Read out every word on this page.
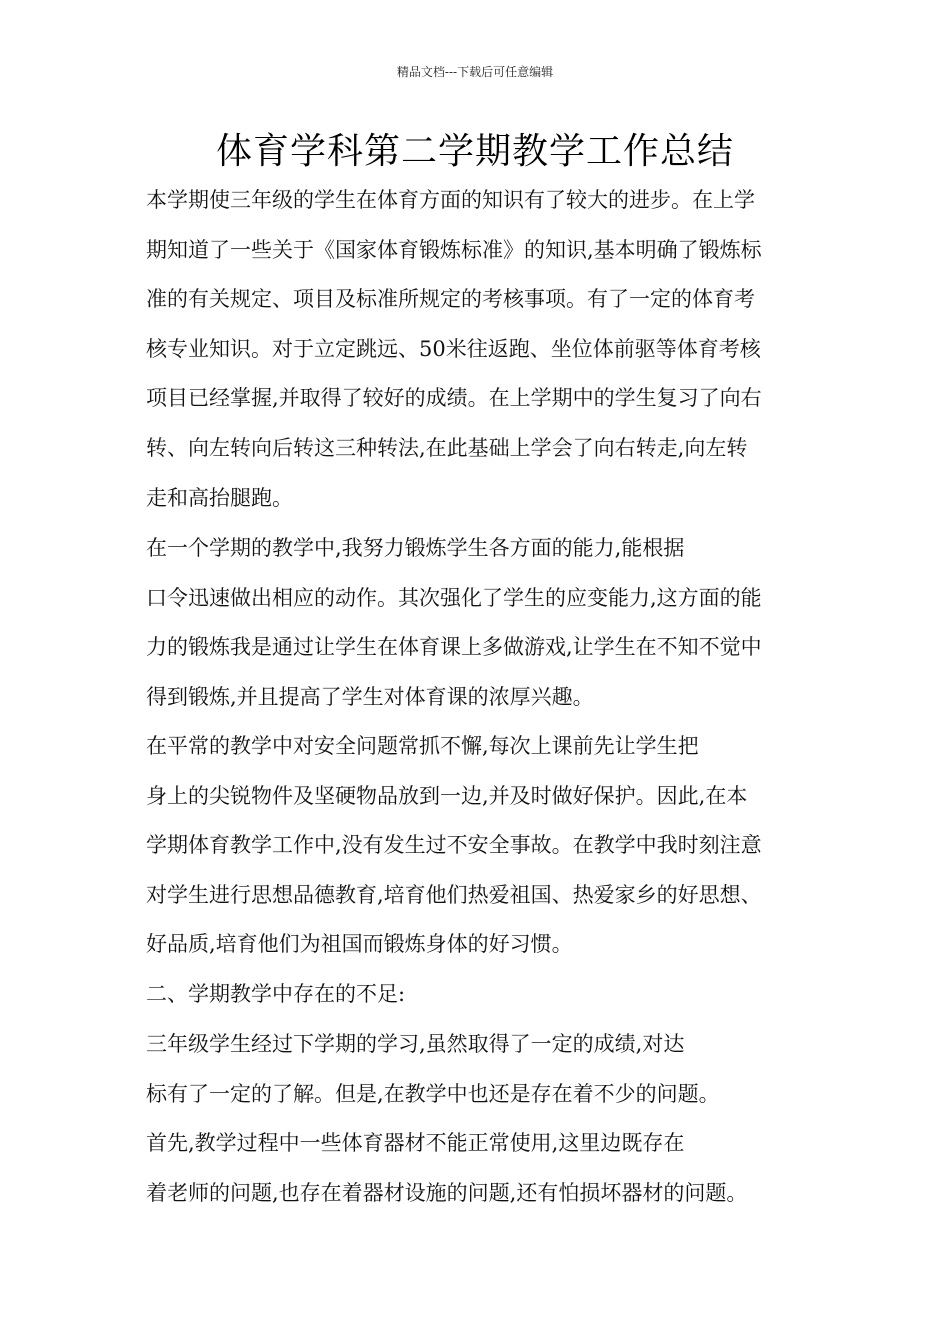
精品文档---下载后可任意编辑
体育学科第二学期教学工作总结

本学期使三年级的学生在体育方面的知识有了较大的进步。在上学
期知道了一些关于《国家体育锻炼标准》的知识,基本明确了锻炼标
准的有关规定、项目及标准所规定的考核事项。有了一定的体育考
核专业知识。对于立定跳远、50米往返跑、坐位体前驱等体育考核
项目已经掌握,并取得了较好的成绩。在上学期中的学生复习了向右
转、向左转向后转这三种转法,在此基础上学会了向右转走,向左转
走和高抬腿跑。

在一个学期的教学中,我努力锻炼学生各方面的能力,能根据
口令迅速做出相应的动作。其次强化了学生的应变能力,这方面的能
力的锻炼我是通过让学生在体育课上多做游戏,让学生在不知不觉中
得到锻炼,并且提高了学生对体育课的浓厚兴趣。

在平常的教学中对安全问题常抓不懈,每次上课前先让学生把
身上的尖锐物件及坚硬物品放到一边,并及时做好保护。因此,在本
学期体育教学工作中,没有发生过不安全事故。在教学中我时刻注意
对学生进行思想品德教育,培育他们热爱祖国、热爱家乡的好思想、
好品质,培育他们为祖国而锻炼身体的好习惯。

二、学期教学中存在的不足:

三年级学生经过下学期的学习,虽然取得了一定的成绩,对达
标有了一定的了解。但是,在教学中也还是存在着不少的问题。

首先,教学过程中一些体育器材不能正常使用,这里边既存在
着老师的问题,也存在着器材设施的问题,还有怕损坏器材的问题。
